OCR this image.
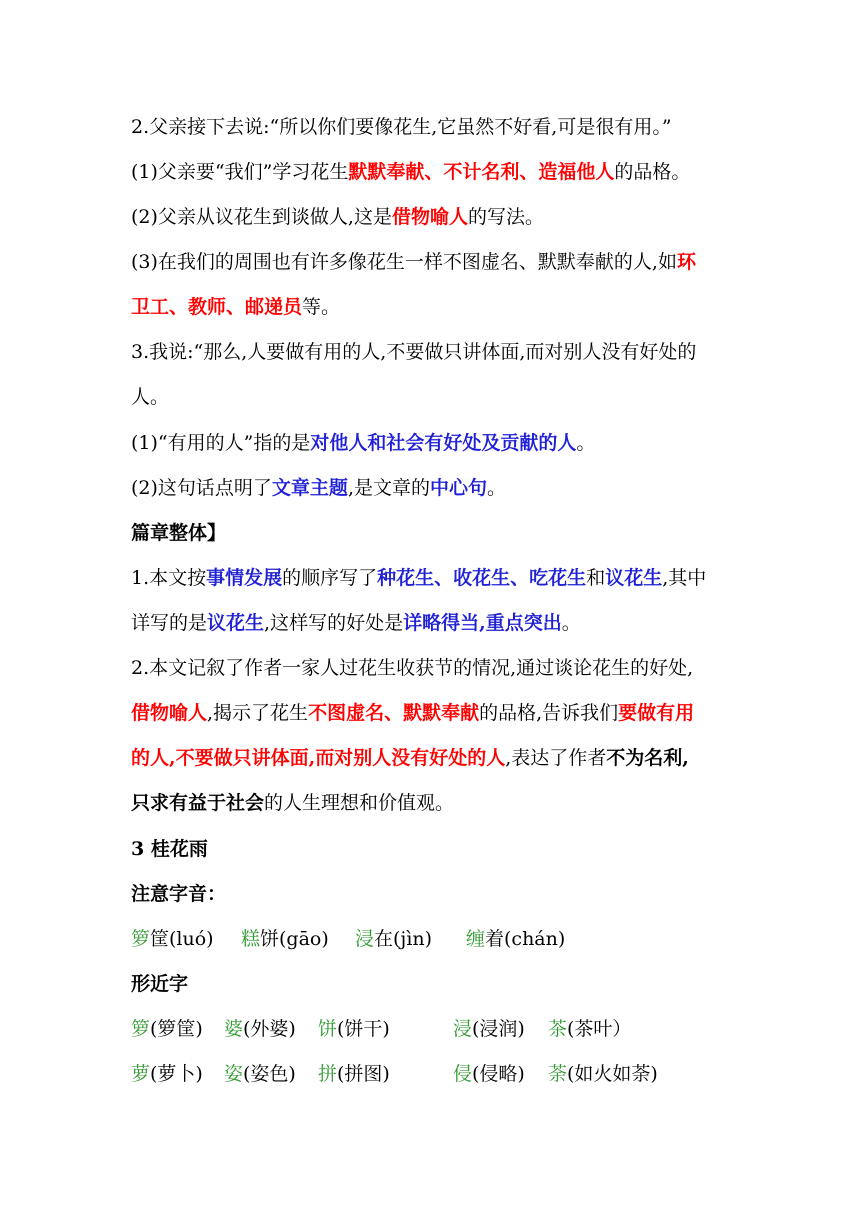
2.父亲接下去说:“所以你们要像花生,它虽然不好看,可是很有用。”
(1)父亲要“我们”学习花生默默奉献、不计名利、造福他人的品格。
(2)父亲从议花生到谈做人,这是借物喻人的写法。
(3)在我们的周围也有许多像花生一样不图虚名、默默奉献的人,如环
卫工、教师、邮递员等。
3.我说:“那么,人要做有用的人,不要做只讲体面,而对别人没有好处的
人。
(1)“有用的人”指的是对他人和社会有好处及贡献的人。
(2)这句话点明了文章主题,是文章的中心句。
篇章整体】
1.本文按事情发展的顺序写了种花生、收花生、吃花生和议花生,其中
详写的是议花生,这样写的好处是详略得当,重点突出。
2.本文记叙了作者一家人过花生收获节的情况,通过谈论花生的好处,
借物喻人,揭示了花生不图虚名、默默奉献的品格,告诉我们要做有用
的人,不要做只讲体面,而对别人没有好处的人,表达了作者不为名利,
只求有益于社会的人生理想和价值观。
3 桂花雨
注意字音：
箩筐(luó) 糕饼(gāo) 浸在(jìn) 缠着(chán)
形近字
箩(箩筐) 婆(外婆) 饼(饼干)	浸(浸润) 茶(茶叶）
萝(萝卜) 姿(姿色) 拼(拼图)	侵(侵略) 荼(如火如荼)
